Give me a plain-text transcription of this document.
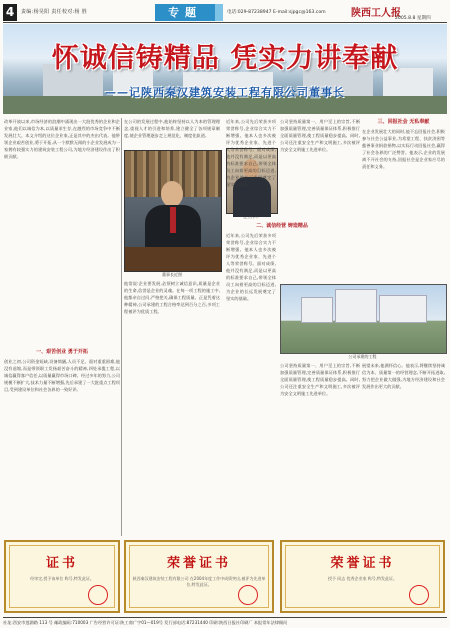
4	责编:杨昊阳 责任校对:杨 胜	专题	电话:029-87238947 E-mail:sjpgc@163.com	陕西工人报
2005.8.8 星期四
怀诚信铸精品 凭实力讲奉献
——记陕西秦汉建筑安装工程有限公司董事长
改革开放以来,市场经济的浪潮中涌现出一大批优秀的企业和企业家,他们以诚信为本,以质量求生存,在激烈的市场竞争中不断发展壮大。本文介绍的这位企业家,正是其中的杰出代表。他带领企业艰苦创业,勇于开拓,从一个默默无闻的小企业发展成为一家拥有较强实力的建筑安装工程公司,为地方经济建设作出了积极贡献。
一、艰苦创业 勇于开拓
创业之初,公司资金短缺,设备简陋,人员不足。面对重重困难,他没有退缩,而是带领职工发扬艰苦奋斗的精神,四处承揽工程,以诚信赢得客户信任,以质量赢得市场口碑。经过多年的努力,公司规模不断扩大,技术力量不断增强,先后承建了一大批重点工程项目,受到建设单位和社会各界的一致好评。
在公司的发展过程中,他始终坚持以人为本的管理理念,重视人才的引进和培养,建立健全了各项规章制度,使企业管理逐步走上规范化、制度化轨道。
董事长近照
他常说:企业要发展,必须树立诚信意识,质量是企业的生命,信誉是企业的灵魂。在每一项工程的施工中,他都亲自过问,严格把关,确保工程质量。正是凭着这种精神,公司承建的工程合格率达到百分之百,多项工程被评为优质工程。
在工作中
近年来,公司先后荣获多项荣誉称号,企业综合实力不断增强。他本人也多次被评为优秀企业家、先进个人等荣誉称号。面对成绩,他并没有满足,而是以更高的标准要求自己,带领全体员工向着更高的目标迈进,为企业的长远发展奠定了坚实的基础。
二、诚信经营 铸造精品
近年来,公司先后荣获多项荣誉称号,企业综合实力不断增强。他本人也多次被评为优秀企业家、先进个人等荣誉称号。面对成绩,他并没有满足,而是以更高的标准要求自己,带领全体员工向着更高的目标迈进,为企业的长远发展奠定了坚实的基础。
公司坚持质量第一、用户至上的宗旨,不断加强质量管理,完善质量保证体系,积极推行全面质量管理,使工程质量稳步提高。同时,公司还注重安全生产和文明施工,多次被评为安全文明施工先进单位。
公司承建的工程
公司坚持质量第一、用户至上的宗旨,不断加强质量管理,完善质量保证体系,积极推行全面质量管理,使工程质量稳步提高。同时,公司还注重安全生产和文明施工,多次被评为安全文明施工先进单位。
三、回报社会 无私奉献
在企业发展壮大的同时,他不忘回报社会,积极参与社会公益事业,为希望工程、扶贫济困等慈善事业捐款捐物,以实际行动回报社会,赢得了社会各界的广泛赞誉。他表示,企业的发展离不开社会的支持,回报社会是企业家应尽的责任和义务。
展望未来,他满怀信心。他表示,将继续坚持诚信为本、质量第一的经营理念,不断开拓进取,努力把企业做大做强,为地方经济建设和社会发展作出更大的贡献。
证书
经审定,授予该单位 称号,特发此证。
荣誉证书
陕西秦汉建筑安装工程有限公司 在2004年度工作中成绩突出,被评为先进单位,特发此证。
荣誉证书
授予 同志 优秀企业家 称号,特发此证。
社址:西安市莲湖路 113 号 邮政编码:710003 广告经营许可证:陕工商广字01—019号 发行部电话:87231440 印刷:陕西日报社印刷厂 本报常年法律顾问
